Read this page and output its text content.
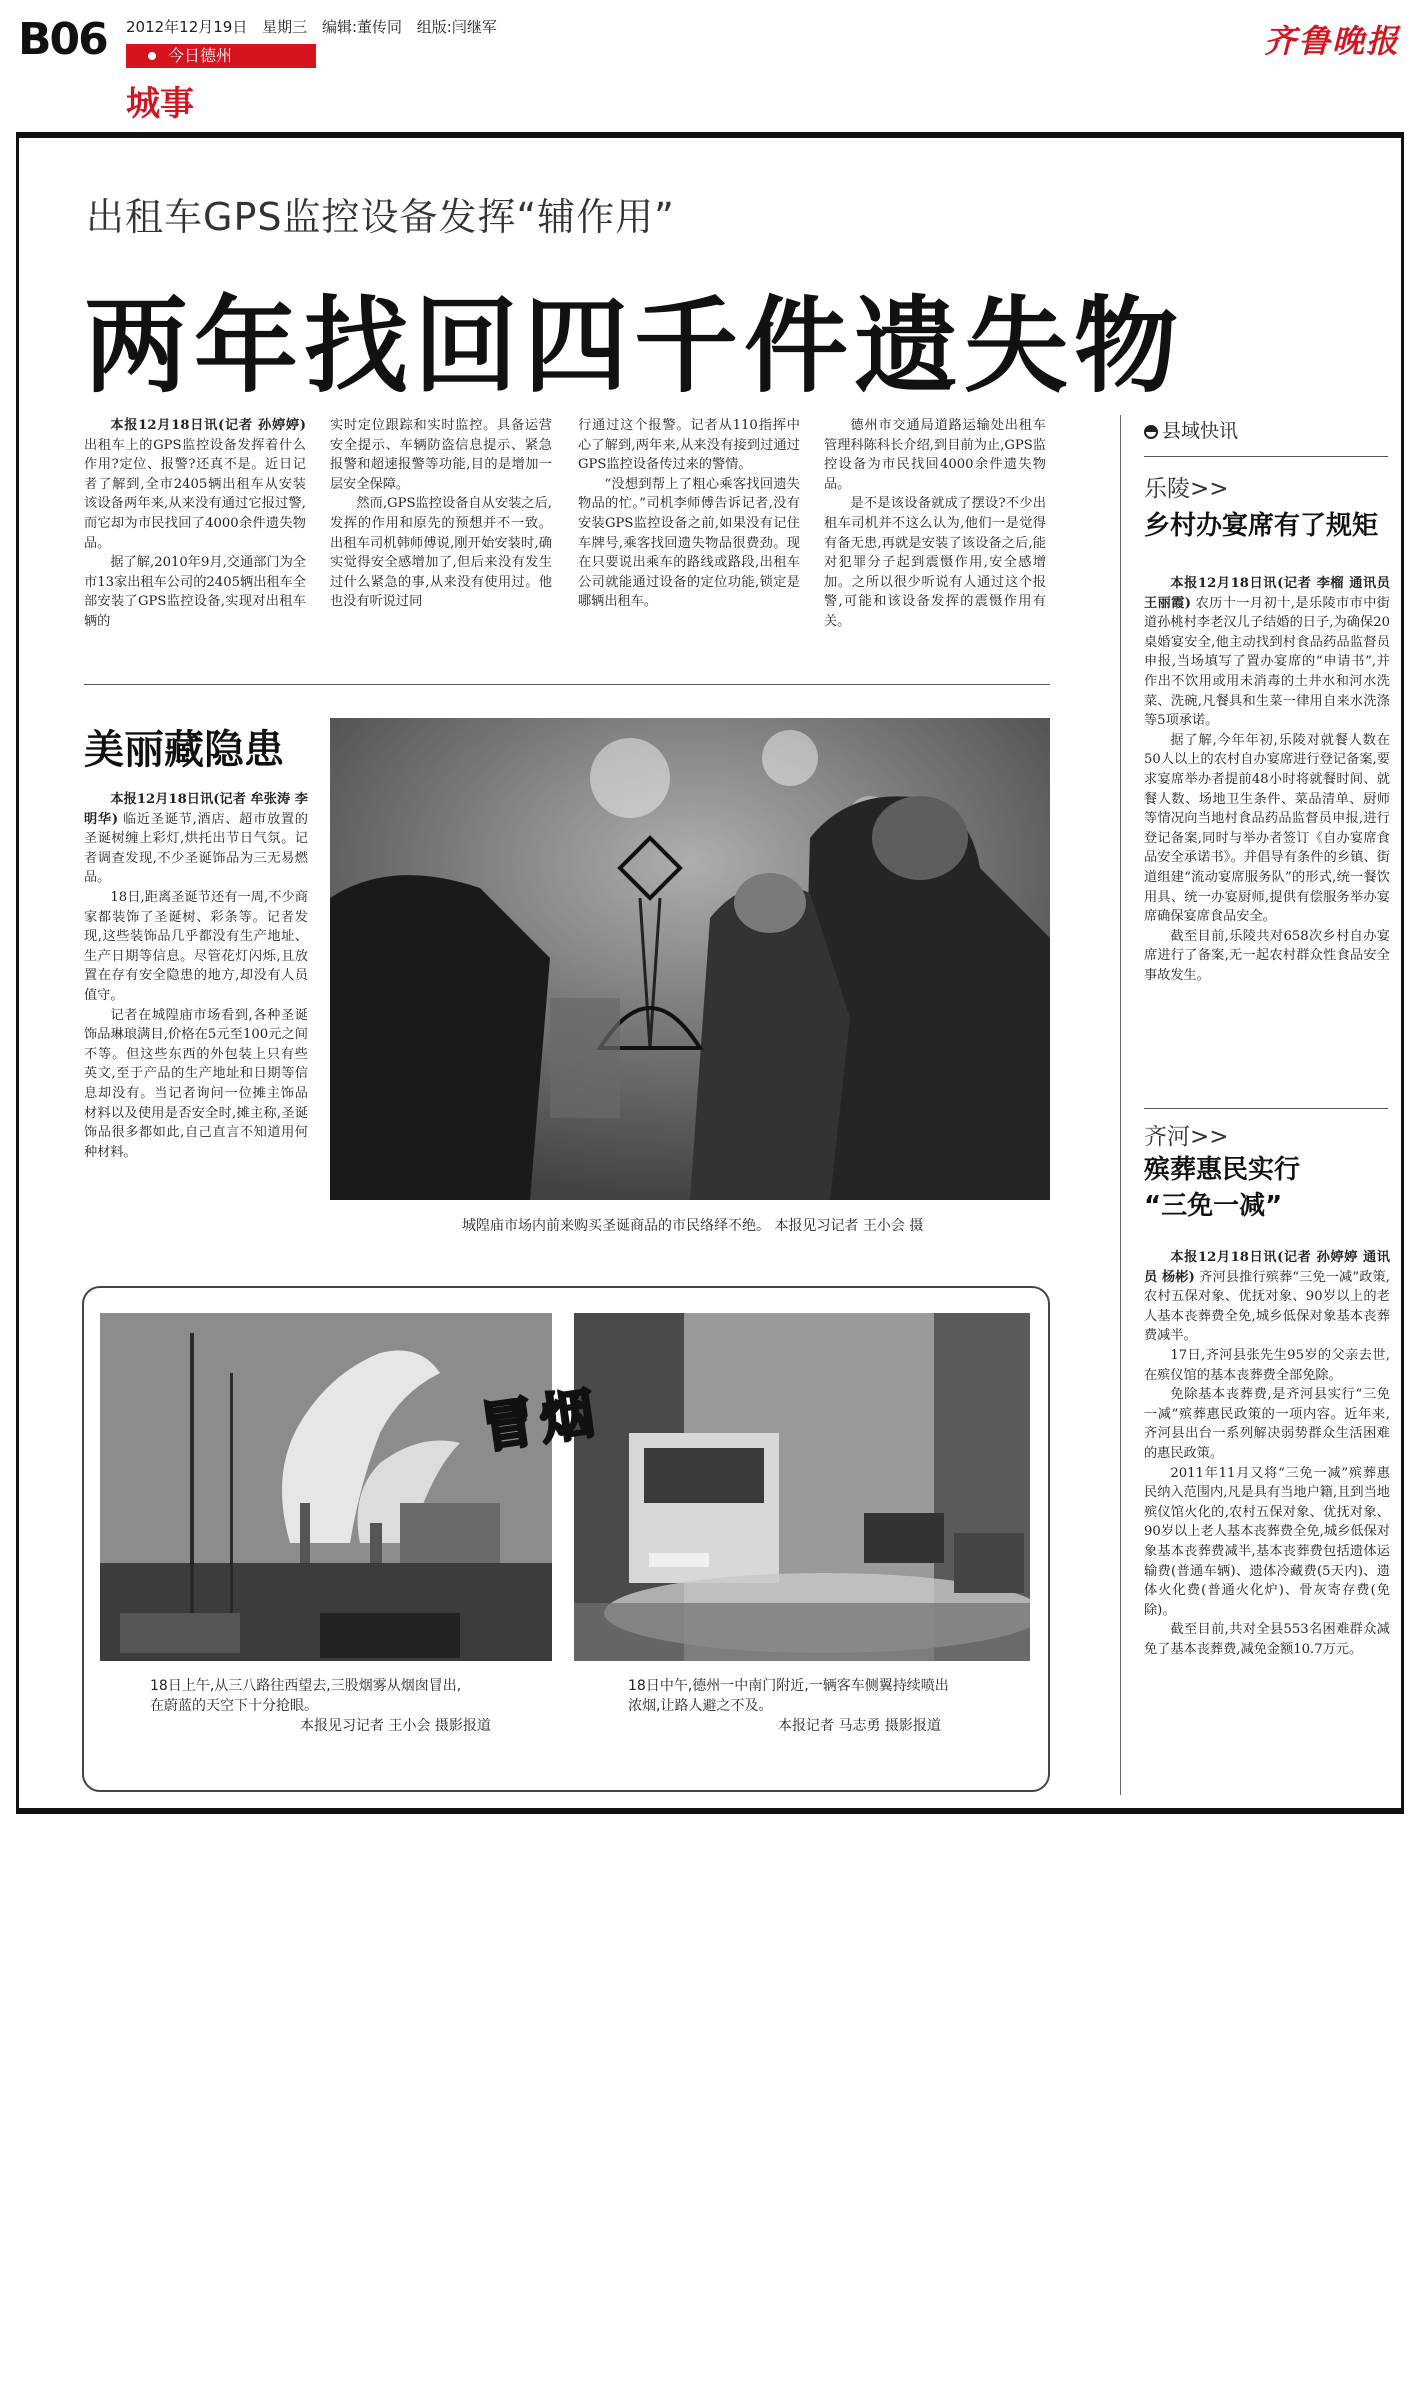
B06 2012年12月19日 星期三 编辑:董传同 组版:闫继军
今日德州
城事
齐鲁晚报
出租车GPS监控设备发挥“辅作用”
两年找回四千件遗失物

本报12月18日讯(记者 孙婷婷) 出租车上的GPS监控设备发挥着什么作用?定位、报警?还真不是。近日记者了解到,全市2405辆出租车从安装该设备两年来,从来没有通过它报过警,而它却为市民找回了4000余件遗失物品。

据了解,2010年9月,交通部门为全市13家出租车公司的2405辆出租车全部安装了GPS监控设备,实现对出租车辆的

实时定位跟踪和实时监控。具备运营安全提示、车辆防盗信息提示、紧急报警和超速报警等功能,目的是增加一层安全保障。

然而,GPS监控设备自从安装之后,发挥的作用和原先的预想并不一致。出租车司机韩师傅说,刚开始安装时,确实觉得安全感增加了,但后来没有发生过什么紧急的事,从来没有使用过。他也没有听说过同

行通过这个报警。记者从110指挥中心了解到,两年来,从来没有接到过通过GPS监控设备传过来的警情。

“没想到帮上了粗心乘客找回遗失物品的忙。”司机李师傅告诉记者,没有安装GPS监控设备之前,如果没有记住车牌号,乘客找回遗失物品很费劲。现在只要说出乘车的路线或路段,出租车公司就能通过设备的定位功能,锁定是哪辆出租车。

德州市交通局道路运输处出租车管理科陈科长介绍,到目前为止,GPS监控设备为市民找回4000余件遗失物品。

是不是该设备就成了摆设?不少出租车司机并不这么认为,他们一是觉得有备无患,再就是安装了该设备之后,能对犯罪分子起到震慑作用,安全感增加。之所以很少听说有人通过这个报警,可能和该设备发挥的震慑作用有关。

县域快讯
乐陵>>
乡村办宴席有了规矩

本报12月18日讯(记者 李榴 通讯员 王丽霞) 农历十一月初十,是乐陵市市中街道孙桃村李老汉儿子结婚的日子,为确保20桌婚宴安全,他主动找到村食品药品监督员申报,当场填写了置办宴席的“申请书”,并作出不饮用或用未消毒的土井水和河水洗菜、洗碗,凡餐具和生菜一律用自来水洗涤等5项承诺。

据了解,今年年初,乐陵对就餐人数在50人以上的农村自办宴席进行登记备案,要求宴席举办者提前48小时将就餐时间、就餐人数、场地卫生条件、菜品清单、厨师等情况向当地村食品药品监督员申报,进行登记备案,同时与举办者签订《自办宴席食品安全承诺书》。并倡导有条件的乡镇、街道组建“流动宴席服务队”的形式,统一餐饮用具、统一办宴厨师,提供有偿服务举办宴席确保宴席食品安全。

截至目前,乐陵共对658次乡村自办宴席进行了备案,无一起农村群众性食品安全事故发生。

齐河>>
殡葬惠民实行
“三免一减”

本报12月18日讯(记者 孙婷婷 通讯员 杨彬) 齐河县推行殡葬“三免一减”政策,农村五保对象、优抚对象、90岁以上的老人基本丧葬费全免,城乡低保对象基本丧葬费减半。

17日,齐河县张先生95岁的父亲去世,在殡仪馆的基本丧葬费全部免除。

免除基本丧葬费,是齐河县实行“三免一减”殡葬惠民政策的一项内容。近年来,齐河县出台一系列解决弱势群众生活困难的惠民政策。

2011年11月又将“三免一减”殡葬惠民纳入范围内,凡是具有当地户籍,且到当地殡仪馆火化的,农村五保对象、优抚对象、90岁以上老人基本丧葬费全免,城乡低保对象基本丧葬费减半,基本丧葬费包括遗体运输费(普通车辆)、遗体冷藏费(5天内)、遗体火化费(普通火化炉)、骨灰寄存费(免除)。

截至目前,共对全县553名困难群众减免了基本丧葬费,减免金额10.7万元。

美丽藏隐患

本报12月18日讯(记者 牟张涛 李明华) 临近圣诞节,酒店、超市放置的圣诞树缠上彩灯,烘托出节日气氛。记者调查发现,不少圣诞饰品为三无易燃品。

18日,距离圣诞节还有一周,不少商家都装饰了圣诞树、彩条等。记者发现,这些装饰品几乎都没有生产地址、生产日期等信息。尽管花灯闪烁,且放置在存有安全隐患的地方,却没有人员值守。

记者在城隍庙市场看到,各种圣诞饰品琳琅满目,价格在5元至100元之间不等。但这些东西的外包装上只有些英文,至于产品的生产地址和日期等信息却没有。当记者询问一位摊主饰品材料以及使用是否安全时,摊主称,圣诞饰品很多都如此,自己直言不知道用何种材料。

城隍庙市场内前来购买圣诞商品的市民络绎不绝。 本报见习记者 王小会 摄
冒烟
18日上午,从三八路往西望去,三股烟雾从烟囱冒出,
在蔚蓝的天空下十分抢眼。
本报见习记者 王小会 摄影报道
18日中午,德州一中南门附近,一辆客车侧翼持续喷出
浓烟,让路人避之不及。
本报记者 马志勇 摄影报道
